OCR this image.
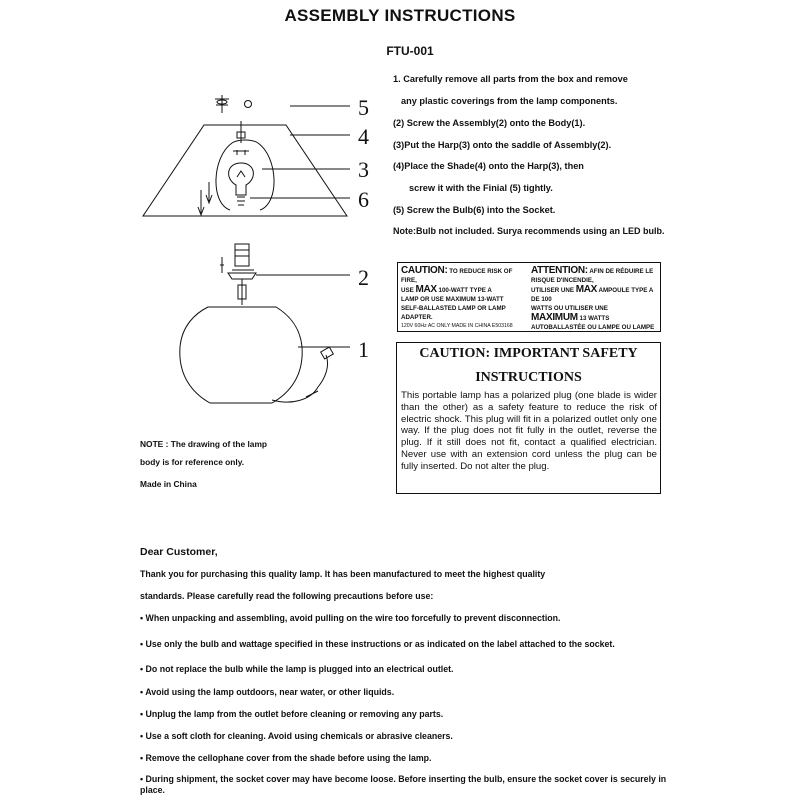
ASSEMBLY INSTRUCTIONS
FTU-001
5
4
3
6
2
1
1. Carefully remove all parts from the box and remove
any plastic coverings from the lamp components.
(2) Screw the Assembly(2) onto the Body(1).
(3)Put the Harp(3) onto the saddle of Assembly(2).
(4)Place the Shade(4) onto the Harp(3), then
screw it with the Finial (5) tightly.
(5) Screw the Bulb(6) into the Socket.
Note:Bulb not included. Surya recommends using an LED bulb.
CAUTION: TO REDUCE RISK OF FIRE,
USE MAX 100-WATT TYPE A
LAMP OR USE MAXIMUM 13-WATT
SELF-BALLASTED LAMP OR LAMP ADAPTER.
120V 60Hz AC ONLY MADE IN CHINA E503168
ATTENTION: AFIN DE RÉDUIRE LE RISQUE D'INCENDIE,
UTILISER UNE MAX AMPOULE TYPE A DE 100
WATTS OU UTILISER UNE MAXIMUM 13 WATTS
AUTOBALLASTÉE OU LAMPE OU LAMPE
CAUTION: IMPORTANT SAFETY
INSTRUCTIONS
This portable lamp has a polarized plug (one blade is wider than the other) as a safety feature to reduce the risk of electric shock. This plug will fit in a polarized outlet only one way. If the plug does not fit fully in the outlet, reverse the plug. If it still does not fit, contact a qualified electrician. Never use with an extension cord unless the plug can be fully inserted. Do not alter the plug.
NOTE : The drawing of the lamp
body is for reference only.
Made in China
Dear Customer,
Thank you for purchasing this quality lamp. It has been manufactured to meet the highest quality
standards. Please carefully read the following precautions before use:
• When unpacking and assembling, avoid pulling on the wire too forcefully to prevent disconnection.
• Use only the bulb and wattage specified in these instructions or as indicated on the label attached to the socket.
• Do not replace the bulb while the lamp is plugged into an electrical outlet.
• Avoid using the lamp outdoors, near water, or other liquids.
• Unplug the lamp from the outlet before cleaning or removing any parts.
• Use a soft cloth for cleaning. Avoid using chemicals or abrasive cleaners.
• Remove the cellophane cover from the shade before using the lamp.
• During shipment, the socket cover may have become loose. Before inserting the bulb, ensure the socket cover is securely in place.
